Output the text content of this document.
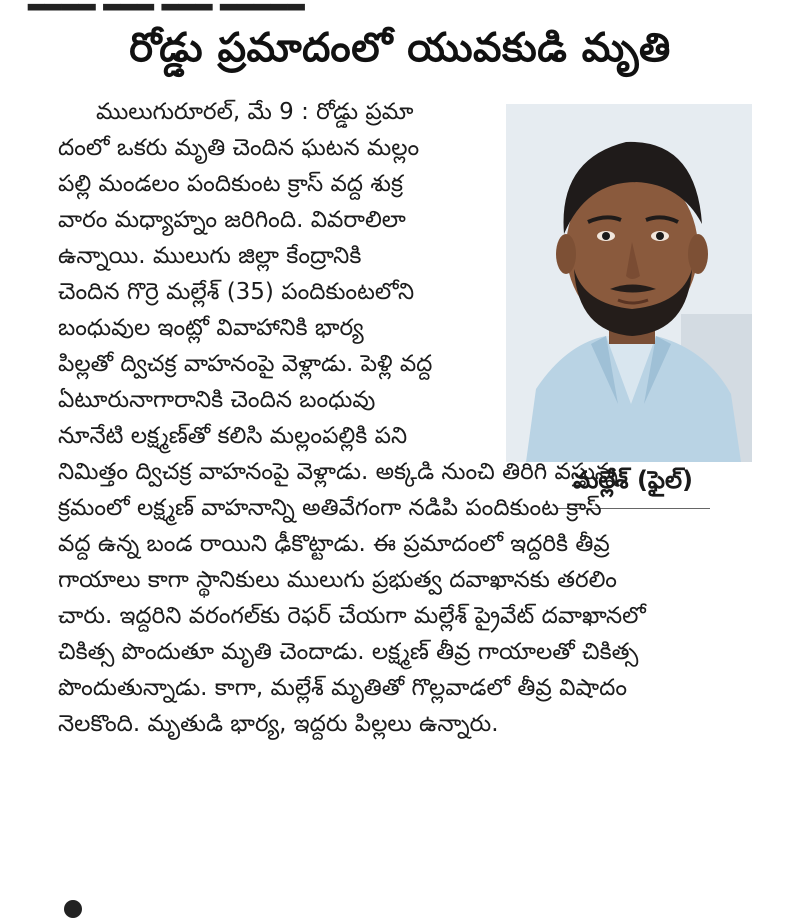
రోడ్డు ప్రమాదంలో యువకుడి మృతి
మల్లేశ్ (ఫైల్)
ములుగురూరల్, మే 9 : రోడ్డు ప్రమా
దంలో ఒకరు మృతి చెందిన ఘటన మల్లం
పల్లి మండలం పందికుంట క్రాస్ వద్ద శుక్ర
వారం మధ్యాహ్నం జరిగింది. వివరాలిలా
ఉన్నాయి. ములుగు జిల్లా కేంద్రానికి
చెందిన గొర్రె మల్లేశ్ (35) పందికుంటలోని
బంధువుల ఇంట్లో వివాహానికి భార్య
పిల్లతో ద్విచక్ర వాహనంపై వెళ్లాడు. పెళ్లి వద్ద
ఏటూరునాగారానికి చెందిన బంధువు
నూనేటి లక్ష్మణ్‌తో కలిసి మల్లంపల్లికి పని
నిమిత్తం ద్విచక్ర వాహనంపై వెళ్లాడు. అక్కడి నుంచి తిరిగి వస్తున్న
క్రమంలో లక్ష్మణ్ వాహనాన్ని అతివేగంగా నడిపి పందికుంట క్రాస్
వద్ద ఉన్న బండ రాయిని ఢీకొట్టాడు. ఈ ప్రమాదంలో ఇద్దరికి తీవ్ర
గాయాలు కాగా స్థానికులు ములుగు ప్రభుత్వ దవాఖానకు తరలిం
చారు. ఇద్దరిని వరంగల్‌కు రెఫర్ చేయగా మల్లేశ్ ప్రైవేట్ దవాఖానలో
చికిత్స పొందుతూ మృతి చెందాడు. లక్ష్మణ్ తీవ్ర గాయాలతో చికిత్స
పొందుతున్నాడు. కాగా, మల్లేశ్ మృతితో గొల్లవాడలో తీవ్ర విషాదం
నెలకొంది. మృతుడి భార్య, ఇద్దరు పిల్లలు ఉన్నారు.
